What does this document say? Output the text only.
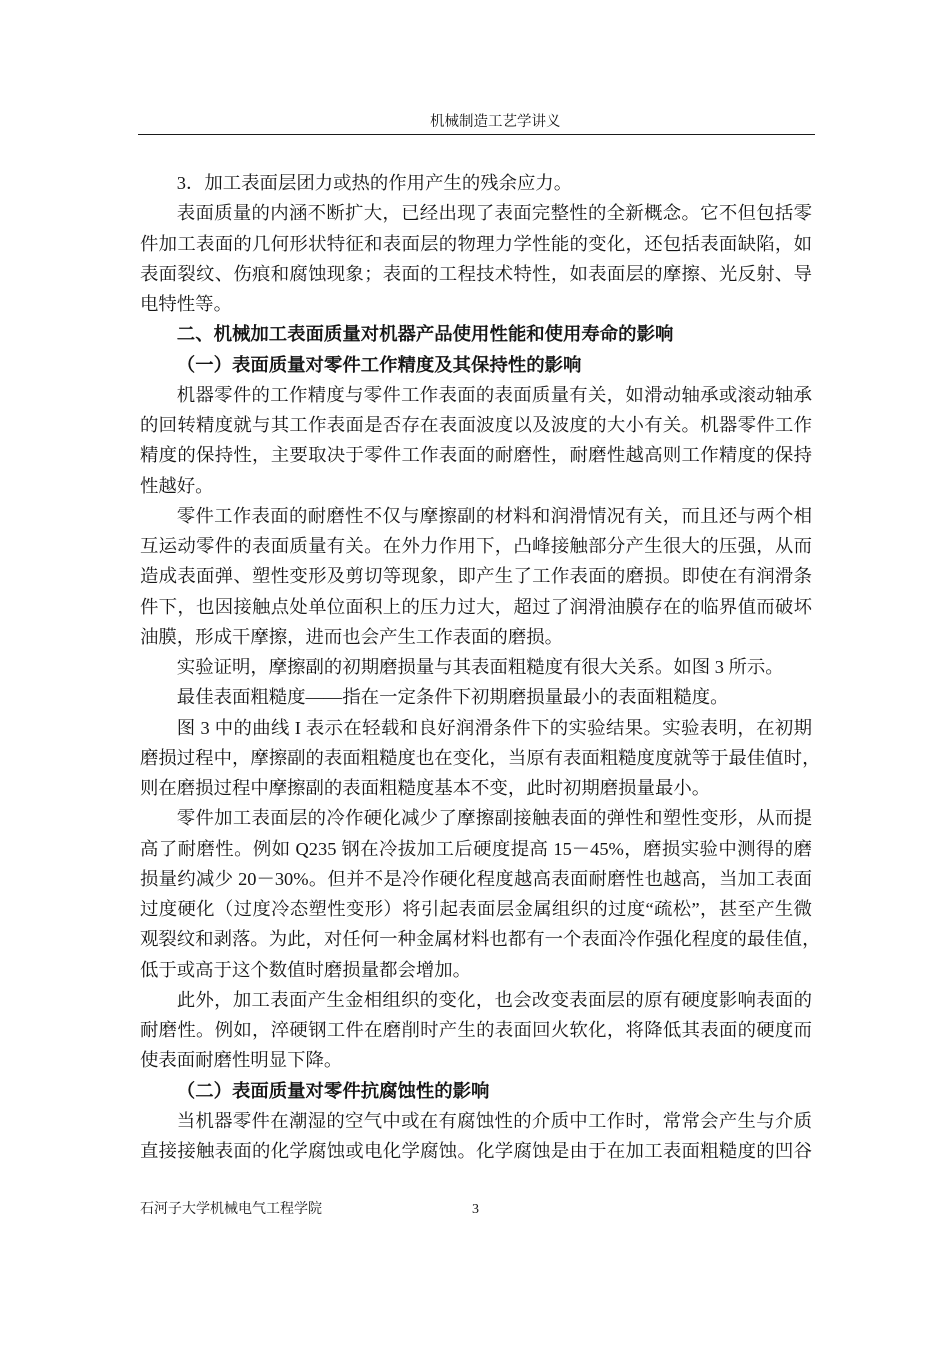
机械制造工艺学讲义
3．加工表面层团力或热的作用产生的残余应力。
表面质量的内涵不断扩大，已经出现了表面完整性的全新概念。它不但包括零
件加工表面的几何形状特征和表面层的物理力学性能的变化，还包括表面缺陷，如
表面裂纹、伤痕和腐蚀现象；表面的工程技术特性，如表面层的摩擦、光反射、导
电特性等。
二、机械加工表面质量对机器产品使用性能和使用寿命的影响
（一）表面质量对零件工作精度及其保持性的影响
机器零件的工作精度与零件工作表面的表面质量有关，如滑动轴承或滚动轴承
的回转精度就与其工作表面是否存在表面波度以及波度的大小有关。机器零件工作
精度的保持性，主要取决于零件工作表面的耐磨性，耐磨性越高则工作精度的保持
性越好。
零件工作表面的耐磨性不仅与摩擦副的材料和润滑情况有关，而且还与两个相
互运动零件的表面质量有关。在外力作用下，凸峰接触部分产生很大的压强，从而
造成表面弹、塑性变形及剪切等现象，即产生了工作表面的磨损。即使在有润滑条
件下，也因接触点处单位面积上的压力过大，超过了润滑油膜存在的临界值而破坏
油膜，形成干摩擦，进而也会产生工作表面的磨损。
实验证明，摩擦副的初期磨损量与其表面粗糙度有很大关系。如图 3 所示。
最佳表面粗糙度——指在一定条件下初期磨损量最小的表面粗糙度。
图 3 中的曲线 I 表示在轻载和良好润滑条件下的实验结果。实验表明，在初期
磨损过程中，摩擦副的表面粗糙度也在变化，当原有表面粗糙度度就等于最佳值时，
则在磨损过程中摩擦副的表面粗糙度基本不变，此时初期磨损量最小。
零件加工表面层的冷作硬化减少了摩擦副接触表面的弹性和塑性变形，从而提
高了耐磨性。例如 Q235 钢在冷拔加工后硬度提高 15－45%，磨损实验中测得的磨
损量约减少 20－30%。但并不是冷作硬化程度越高表面耐磨性也越高，当加工表面
过度硬化（过度冷态塑性变形）将引起表面层金属组织的过度“疏松”，甚至产生微
观裂纹和剥落。为此，对任何一种金属材料也都有一个表面冷作强化程度的最佳值，
低于或高于这个数值时磨损量都会增加。
此外，加工表面产生金相组织的变化，也会改变表面层的原有硬度影响表面的
耐磨性。例如，淬硬钢工件在磨削时产生的表面回火软化，将降低其表面的硬度而
使表面耐磨性明显下降。
（二）表面质量对零件抗腐蚀性的影响
当机器零件在潮湿的空气中或在有腐蚀性的介质中工作时，常常会产生与介质
直接接触表面的化学腐蚀或电化学腐蚀。化学腐蚀是由于在加工表面粗糙度的凹谷
石河子大学机械电气工程学院	3
